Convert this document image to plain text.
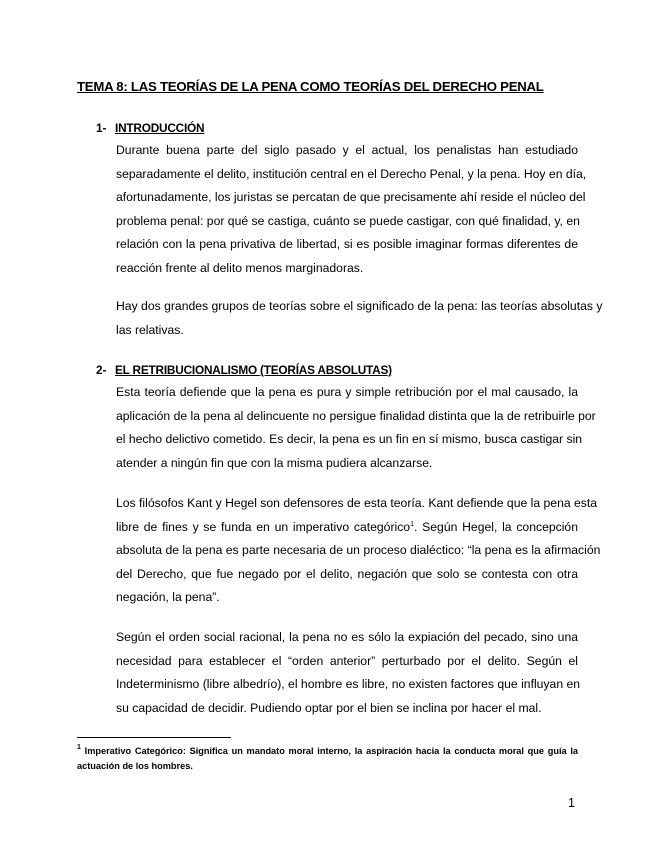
TEMA 8: LAS TEORÍAS DE LA PENA COMO TEORÍAS DEL DERECHO PENAL
1- INTRODUCCIÓN
Durante buena parte del siglo pasado y el actual, los penalistas han estudiado
separadamente el delito, institución central en el Derecho Penal, y la pena. Hoy en día,
afortunadamente, los juristas se percatan de que precisamente ahí reside el núcleo del
problema penal: por qué se castiga, cuánto se puede castigar, con qué finalidad, y, en
relación con la pena privativa de libertad, si es posible imaginar formas diferentes de
reacción frente al delito menos marginadoras.
Hay dos grandes grupos de teorías sobre el significado de la pena: las teorías absolutas y
las relativas.
2- EL RETRIBUCIONALISMO (TEORÍAS ABSOLUTAS)
Esta teoría defiende que la pena es pura y simple retribución por el mal causado, la
aplicación de la pena al delincuente no persigue finalidad distinta que la de retribuirle por
el hecho delictivo cometido. Es decir, la pena es un fin en sí mismo, busca castigar sin
atender a ningún fin que con la misma pudiera alcanzarse.
Los filósofos Kant y Hegel son defensores de esta teoría. Kant defiende que la pena esta
libre de fines y se funda en un imperativo categórico$^1$. Según Hegel, la concepción
absoluta de la pena es parte necesaria de un proceso dialéctico: “la pena es la afirmación
del Derecho, que fue negado por el delito, negación que solo se contesta con otra
negación, la pena”.
Según el orden social racional, la pena no es sólo la expiación del pecado, sino una
necesidad para establecer el “orden anterior” perturbado por el delito. Según el
Indeterminismo (libre albedrío), el hombre es libre, no existen factores que influyan en
su capacidad de decidir. Pudiendo optar por el bien se inclina por hacer el mal.
$^1$ Imperativo Categórico: Significa un mandato moral interno, la aspiración hacia la conducta moral que guía la
actuación de los hombres.
1
